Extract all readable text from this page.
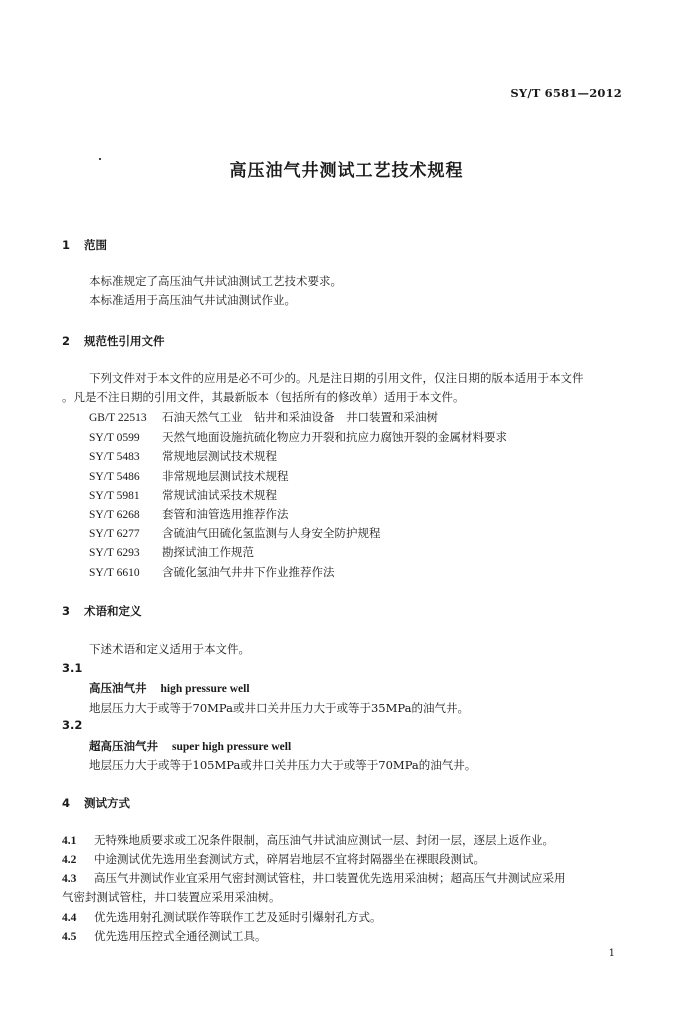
SY/T 6581—2012
高压油气井测试工艺技术规程
1 范围
本标准规定了高压油气井试油测试工艺技术要求。
本标准适用于高压油气井试油测试作业。
2 规范性引用文件
下列文件对于本文件的应用是必不可少的。凡是注日期的引用文件，仅注日期的版本适用于本文件
。凡是不注日期的引用文件，其最新版本（包括所有的修改单）适用于本文件。
GB/T 22513 石油天然气工业　钻井和采油设备　井口装置和采油树
SY/T 0599 天然气地面设施抗硫化物应力开裂和抗应力腐蚀开裂的金属材料要求
SY/T 5483 常规地层测试技术规程
SY/T 5486 非常规地层测试技术规程
SY/T 5981 常规试油试采技术规程
SY/T 6268 套管和油管选用推荐作法
SY/T 6277 含硫油气田硫化氢监测与人身安全防护规程
SY/T 6293 勘探试油工作规范
SY/T 6610 含硫化氢油气井井下作业推荐作法
3 术语和定义
下述术语和定义适用于本文件。
3.1
高压油气井 high pressure well
地层压力大于或等于70MPa或井口关井压力大于或等于35MPa的油气井。
3.2
超高压油气井 super high pressure well
地层压力大于或等于105MPa或井口关井压力大于或等于70MPa的油气井。
4 测试方式
4.1 无特殊地质要求或工况条件限制，高压油气井试油应测试一层、封闭一层，逐层上返作业。
4.2 中途测试优先选用坐套测试方式，碎屑岩地层不宜将封隔器坐在裸眼段测试。
4.3 高压气井测试作业宜采用气密封测试管柱，井口装置优先选用采油树；超高压气井测试应采用
气密封测试管柱，井口装置应采用采油树。
4.4 优先选用射孔测试联作等联作工艺及延时引爆射孔方式。
4.5 优先选用压控式全通径测试工具。
1
